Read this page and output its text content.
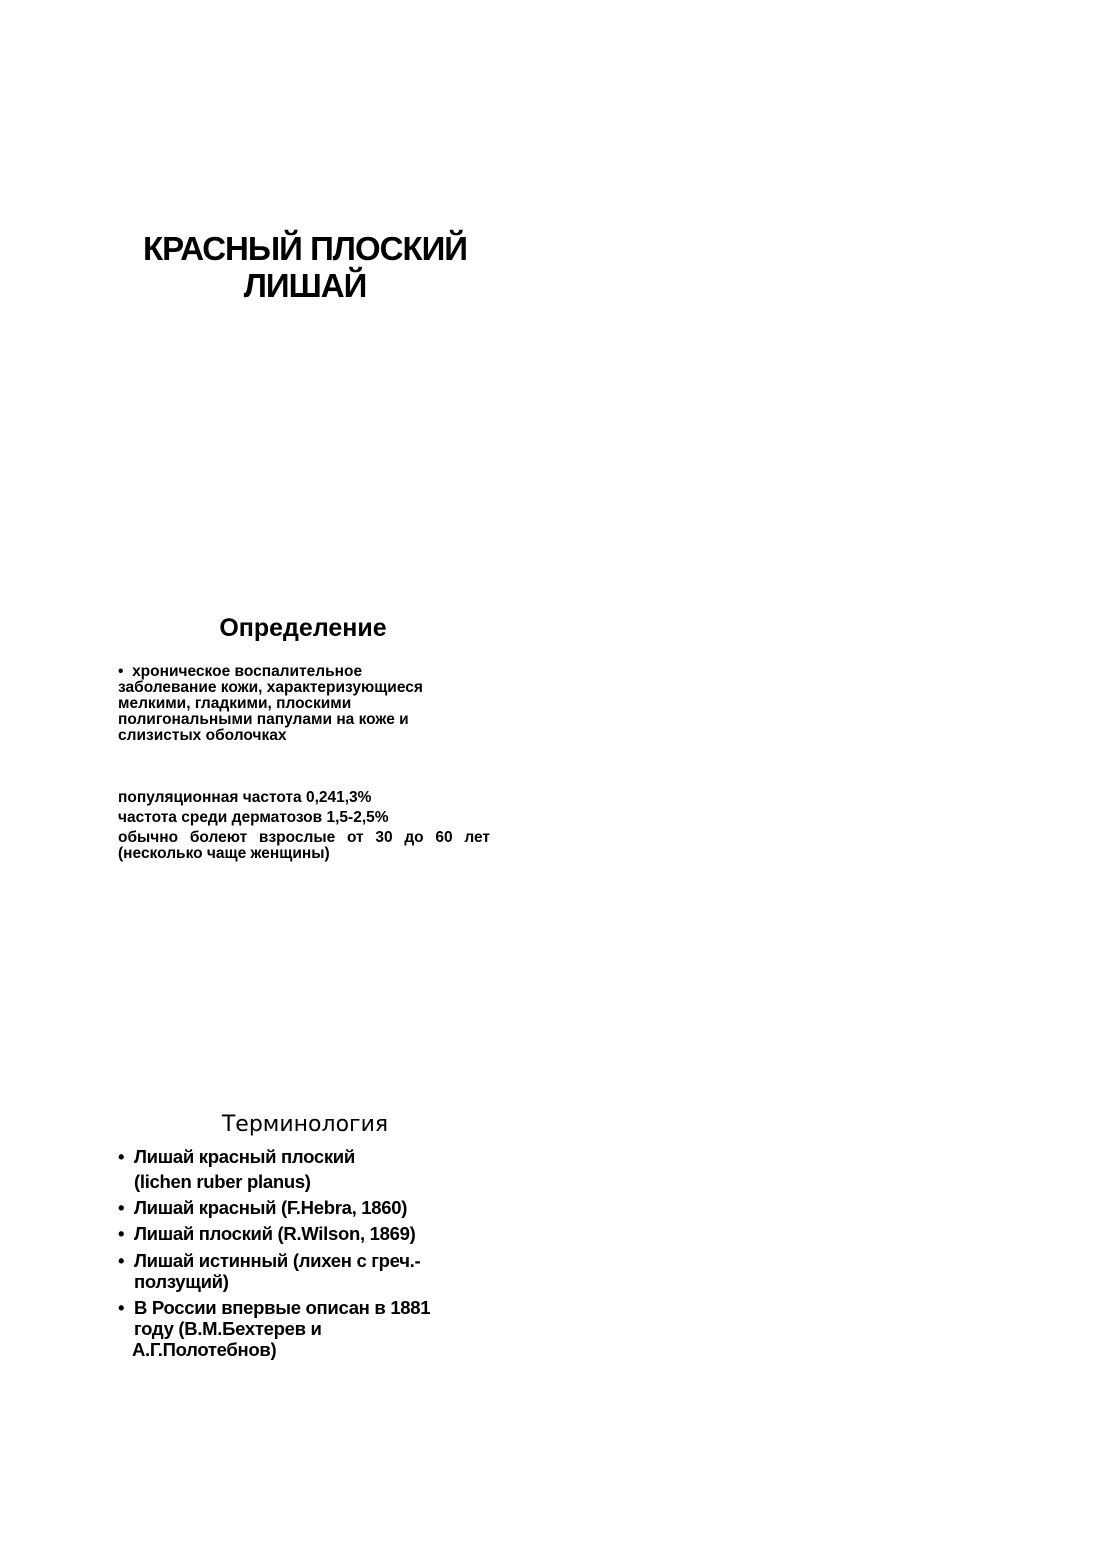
КРАСНЫЙ ПЛОСКИЙ
ЛИШАЙ
Определение

• хроническое воспалительное
заболевание кожи, характеризующиеся
мелкими, гладкими, плоскими
полигональными папулами на коже и
слизистых оболочках

популяционная частота 0,241,3%
частота среди дерматозов 1,5-2,5%
обычно болеют взрослые от 30 до 60 лет
(несколько чаще женщины)
Терминология
• Лишай красный плоский
(lichen ruber planus)
• Лишай красный (F.Hebra, 1860)
• Лишай плоский (R.Wilson, 1869)
• Лишай истинный (лихен с греч.-
ползущий)
• В России впервые описан в 1881
году (В.М.Бехтерев и
А.Г.Полотебнов)
